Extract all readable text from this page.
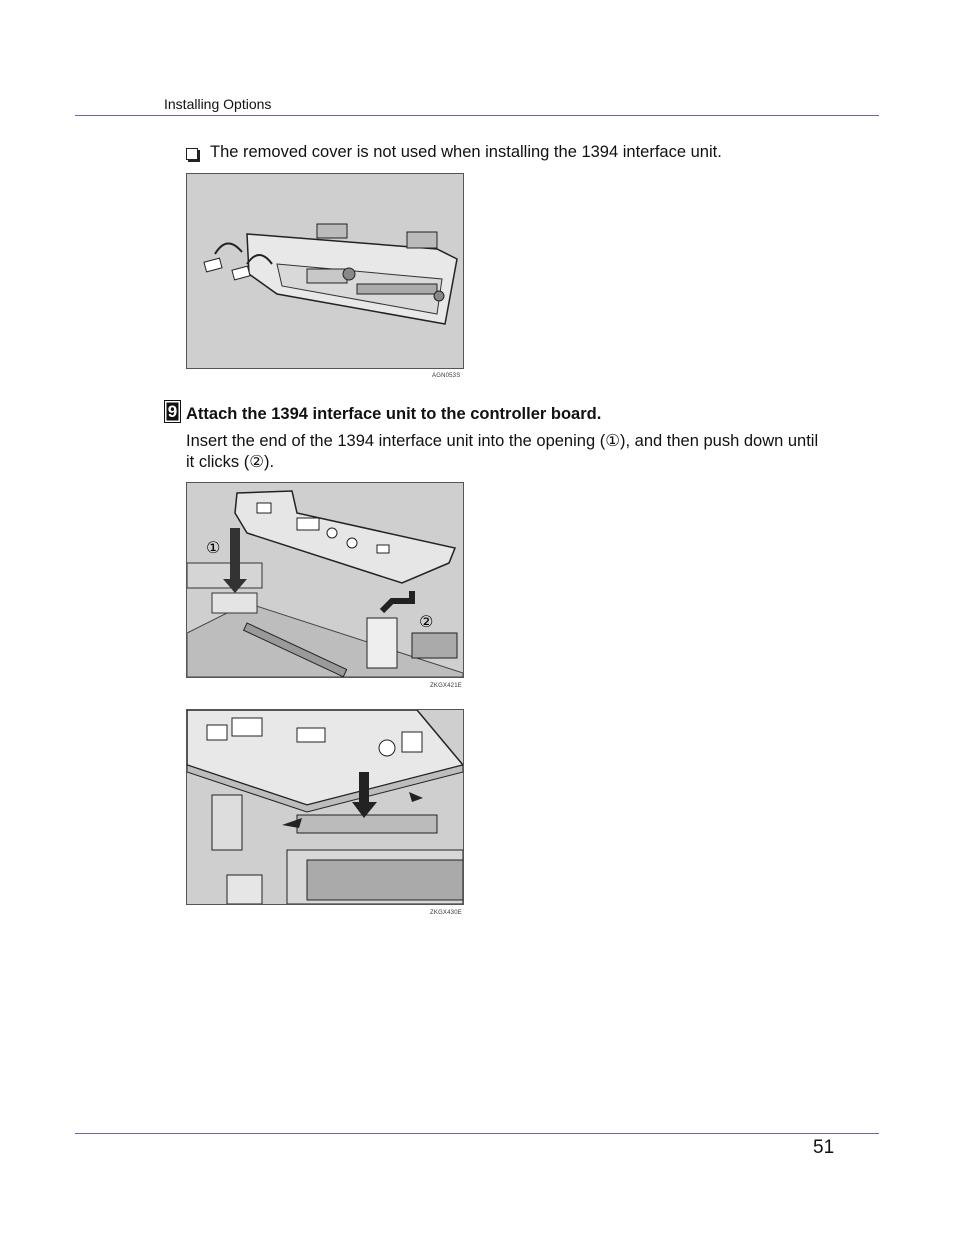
Installing Options
The removed cover is not used when installing the 1394 interface unit.
AGN053S
9 Attach the 1394 interface unit to the controller board.
Insert the end of the 1394 interface unit into the opening (①), and then push down until it clicks (②).
①
②
ZKGX421E
ZKGX430E
51
